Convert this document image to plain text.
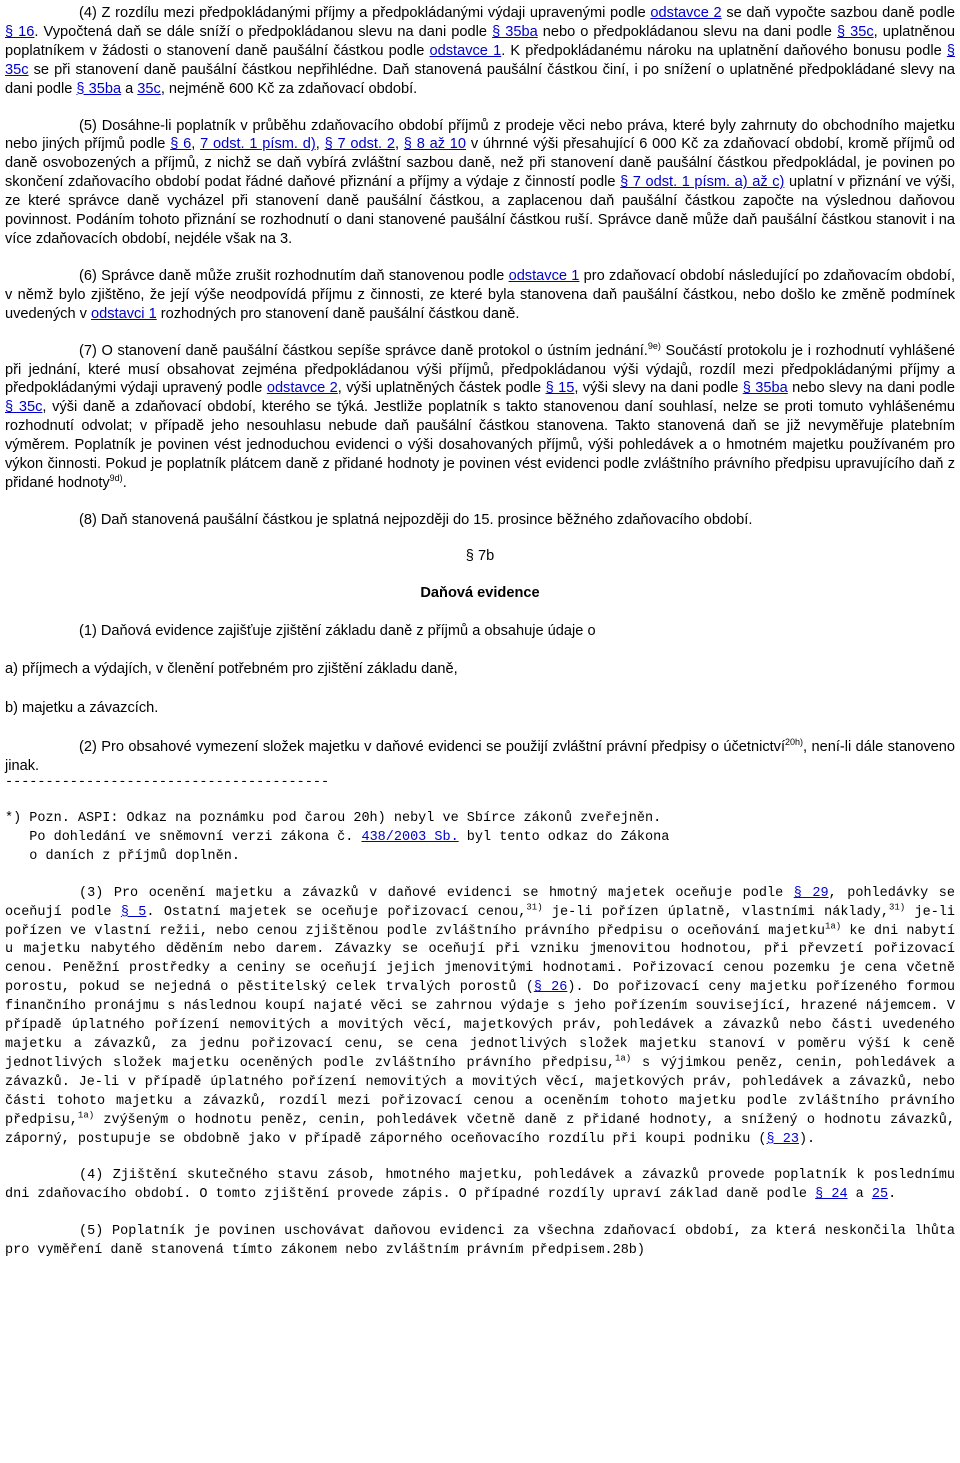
(4) Z rozdílu mezi předpokládanými příjmy a předpokládanými výdaji upravenými podle odstavce 2 se daň vypočte sazbou daně podle § 16. Vypočtená daň se dále sníží o předpokládanou slevu na dani podle § 35ba nebo o předpokládanou slevu na dani podle § 35c, uplatněnou poplatníkem v žádosti o stanovení daně paušální částkou podle odstavce 1. K předpokládanému nároku na uplatnění daňového bonusu podle § 35c se při stanovení daně paušální částkou nepřihlédne. Daň stanovená paušální částkou činí, i po snížení o uplatněné předpokládané slevy na dani podle § 35ba a 35c, nejméně 600 Kč za zdaňovací období.

(5) Dosáhne-li poplatník v průběhu zdaňovacího období příjmů z prodeje věci nebo práva, které byly zahrnuty do obchodního majetku nebo jiných příjmů podle § 6, 7 odst. 1 písm. d), § 7 odst. 2, § 8 až 10 v úhrnné výši přesahující 6 000 Kč za zdaňovací období, kromě příjmů od daně osvobozených a příjmů, z nichž se daň vybírá zvláštní sazbou daně, než při stanovení daně paušální částkou předpokládal, je povinen po skončení zdaňovacího období podat řádné daňové přiznání a příjmy a výdaje z činností podle § 7 odst. 1 písm. a) až c) uplatní v přiznání ve výši, ze které správce daně vycházel při stanovení daně paušální částkou, a zaplacenou daň paušální částkou započte na výslednou daňovou povinnost. Podáním tohoto přiznání se rozhodnutí o dani stanovené paušální částkou ruší. Správce daně může daň paušální částkou stanovit i na více zdaňovacích období, nejdéle však na 3.

(6) Správce daně může zrušit rozhodnutím daň stanovenou podle odstavce 1 pro zdaňovací období následující po zdaňovacím období, v němž bylo zjištěno, že její výše neodpovídá příjmu z činnosti, ze které byla stanovena daň paušální částkou, nebo došlo ke změně podmínek uvedených v odstavci 1 rozhodných pro stanovení daně paušální částkou daně.

(7) O stanovení daně paušální částkou sepíše správce daně protokol o ústním jednání.$^{9e)}$ Součástí protokolu je i rozhodnutí vyhlášené při jednání, které musí obsahovat zejména předpokládanou výši příjmů, předpokládanou výši výdajů, rozdíl mezi předpokládanými příjmy a předpokládanými výdaji upravený podle odstavce 2, výši uplatněných částek podle § 15, výši slevy na dani podle § 35ba nebo slevy na dani podle § 35c, výši daně a zdaňovací období, kterého se týká. Jestliže poplatník s takto stanovenou daní souhlasí, nelze se proti tomuto vyhlášenému rozhodnutí odvolat; v případě jeho nesouhlasu nebude daň paušální částkou stanovena. Takto stanovená daň se již nevyměřuje platebním výměrem. Poplatník je povinen vést jednoduchou evidenci o výši dosahovaných příjmů, výši pohledávek a o hmotném majetku používaném pro výkon činnosti. Pokud je poplatník plátcem daně z přidané hodnoty je povinen vést evidenci podle zvláštního právního předpisu upravujícího daň z přidané hodnoty$^{9d)}$.

(8) Daň stanovená paušální částkou je splatná nejpozději do 15. prosince běžného zdaňovacího období.

§ 7b

Daňová evidence

(1) Daňová evidence zajišťuje zjištění základu daně z příjmů a obsahuje údaje o

a) příjmech a výdajích, v členění potřebném pro zjištění základu daně,

b) majetku a závazcích.

(2) Pro obsahové vymezení složek majetku v daňové evidenci se použijí zvláštní právní předpisy o účetnictví$^{20h)}$, není-li dále stanoveno jinak.

----------------------------------------

*) Pozn. ASPI: Odkaz na poznámku pod čarou 20h) nebyl ve Sbírce zákonů zveřejněn.

Po dohledání ve sněmovní verzi zákona č. 438/2003 Sb. byl tento odkaz do Zákona

o daních z příjmů doplněn.

(3) Pro ocenění majetku a závazků v daňové evidenci se hmotný majetek oceňuje podle § 29, pohledávky se oceňují podle § 5. Ostatní majetek se oceňuje pořizovací cenou,$^{31)}$ je-li pořízen úplatně, vlastními náklady,$^{31)}$ je-li pořízen ve vlastní režii, nebo cenou zjištěnou podle zvláštního právního předpisu o oceňování majetku$^{1a)}$ ke dni nabytí u majetku nabytého děděním nebo darem. Závazky se oceňují při vzniku jmenovitou hodnotou, při převzetí pořizovací cenou. Peněžní prostředky a ceniny se oceňují jejich jmenovitými hodnotami. Pořizovací cenou pozemku je cena včetně porostu, pokud se nejedná o pěstitelský celek trvalých porostů (§ 26). Do pořizovací ceny majetku pořízeného formou finančního pronájmu s následnou koupí najaté věci se zahrnou výdaje s jeho pořízením související, hrazené nájemcem. V případě úplatného pořízení nemovitých a movitých věcí, majetkových práv, pohledávek a závazků nebo části uvedeného majetku a závazků, za jednu pořizovací cenu, se cena jednotlivých složek majetku stanoví v poměru výší k ceně jednotlivých složek majetku oceněných podle zvláštního právního předpisu,$^{1a)}$ s výjimkou peněz, cenin, pohledávek a závazků. Je-li v případě úplatného pořízení nemovitých a movitých věcí, majetkových práv, pohledávek a závazků, nebo části tohoto majetku a závazků, rozdíl mezi pořizovací cenou a oceněním tohoto majetku podle zvláštního právního předpisu,$^{1a)}$ zvýšeným o hodnotu peněz, cenin, pohledávek včetně daně z přidané hodnoty, a snížený o hodnotu závazků, záporný, postupuje se obdobně jako v případě záporného oceňovacího rozdílu při koupi podniku (§ 23).

(4) Zjištění skutečného stavu zásob, hmotného majetku, pohledávek a závazků provede poplatník k poslednímu dni zdaňovacího období. O tomto zjištění provede zápis. O případné rozdíly upraví základ daně podle § 24 a 25.

(5) Poplatník je povinen uschovávat daňovou evidenci za všechna zdaňovací období, za která neskončila lhůta pro vyměření daně stanovená tímto zákonem nebo zvláštním právním předpisem.28b)
